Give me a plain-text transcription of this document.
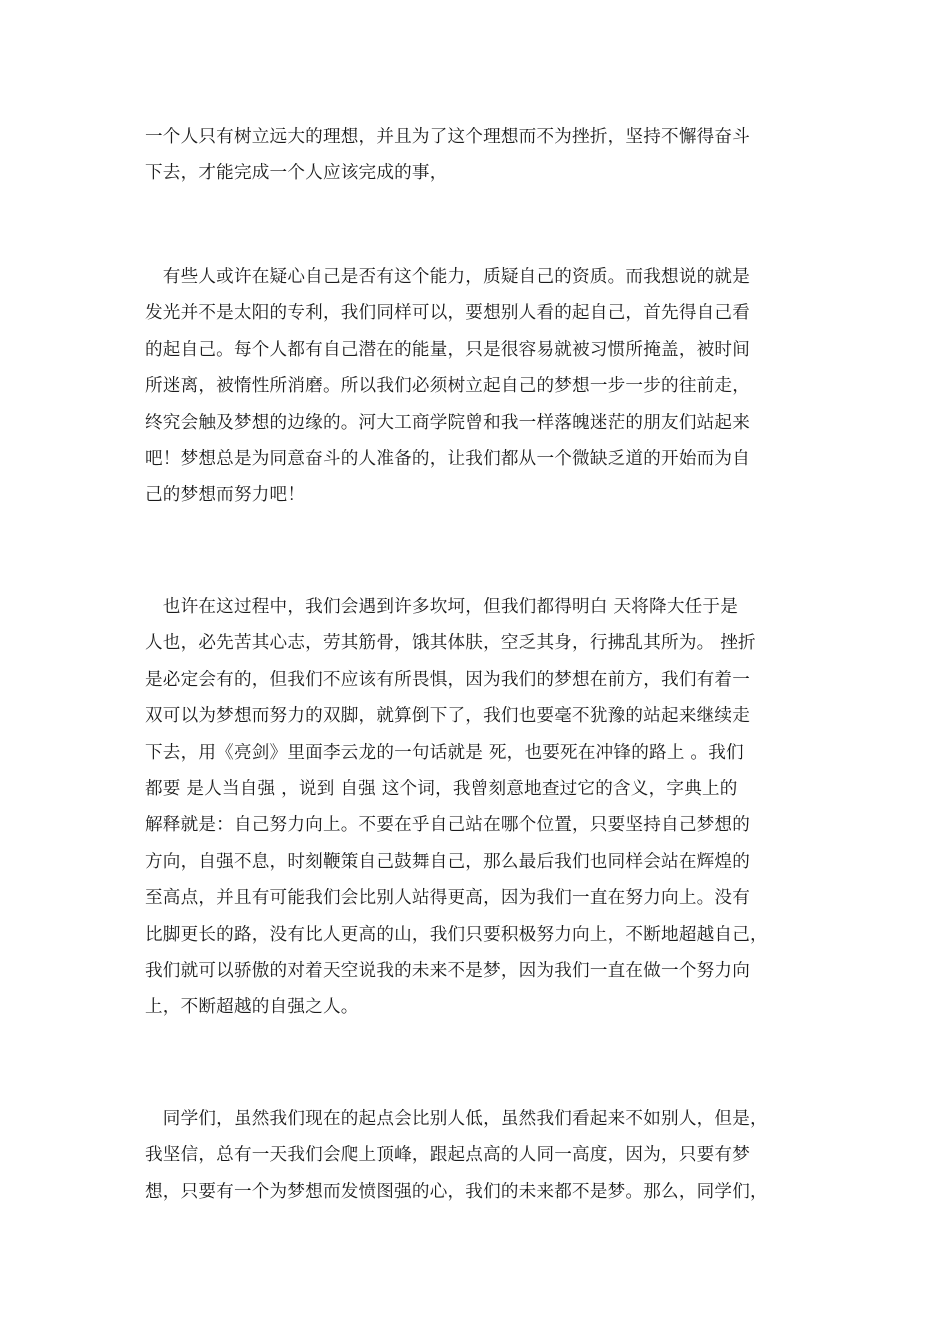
一个人只有树立远大的理想，并且为了这个理想而不为挫折，坚持不懈得奋斗
下去，才能完成一个人应该完成的事，

　有些人或许在疑心自己是否有这个能力，质疑自己的资质。而我想说的就是
发光并不是太阳的专利，我们同样可以，要想别人看的起自己，首先得自己看
的起自己。每个人都有自己潜在的能量，只是很容易就被习惯所掩盖，被时间
所迷离，被惰性所消磨。所以我们必须树立起自己的梦想一步一步的往前走，
终究会触及梦想的边缘的。河大工商学院曾和我一样落魄迷茫的朋友们站起来
吧！梦想总是为同意奋斗的人准备的，让我们都从一个微缺乏道的开始而为自
己的梦想而努力吧！

　也许在这过程中，我们会遇到许多坎坷，但我们都得明白 天将降大任于是
人也，必先苦其心志，劳其筋骨，饿其体肤，空乏其身，行拂乱其所为。 挫折
是必定会有的，但我们不应该有所畏惧，因为我们的梦想在前方，我们有着一
双可以为梦想而努力的双脚，就算倒下了，我们也要毫不犹豫的站起来继续走
下去，用《亮剑》里面李云龙的一句话就是 死，也要死在冲锋的路上 。我们
都要 是人当自强 ，说到 自强 这个词，我曾刻意地查过它的含义，字典上的
解释就是：自己努力向上。不要在乎自己站在哪个位置，只要坚持自己梦想的
方向，自强不息，时刻鞭策自己鼓舞自己，那么最后我们也同样会站在辉煌的
至高点，并且有可能我们会比别人站得更高，因为我们一直在努力向上。没有
比脚更长的路，没有比人更高的山，我们只要积极努力向上，不断地超越自己，
我们就可以骄傲的对着天空说我的未来不是梦，因为我们一直在做一个努力向
上，不断超越的自强之人。

　同学们，虽然我们现在的起点会比别人低，虽然我们看起来不如别人，但是，
我坚信，总有一天我们会爬上顶峰，跟起点高的人同一高度，因为，只要有梦
想，只要有一个为梦想而发愤图强的心，我们的未来都不是梦。那么，同学们，
